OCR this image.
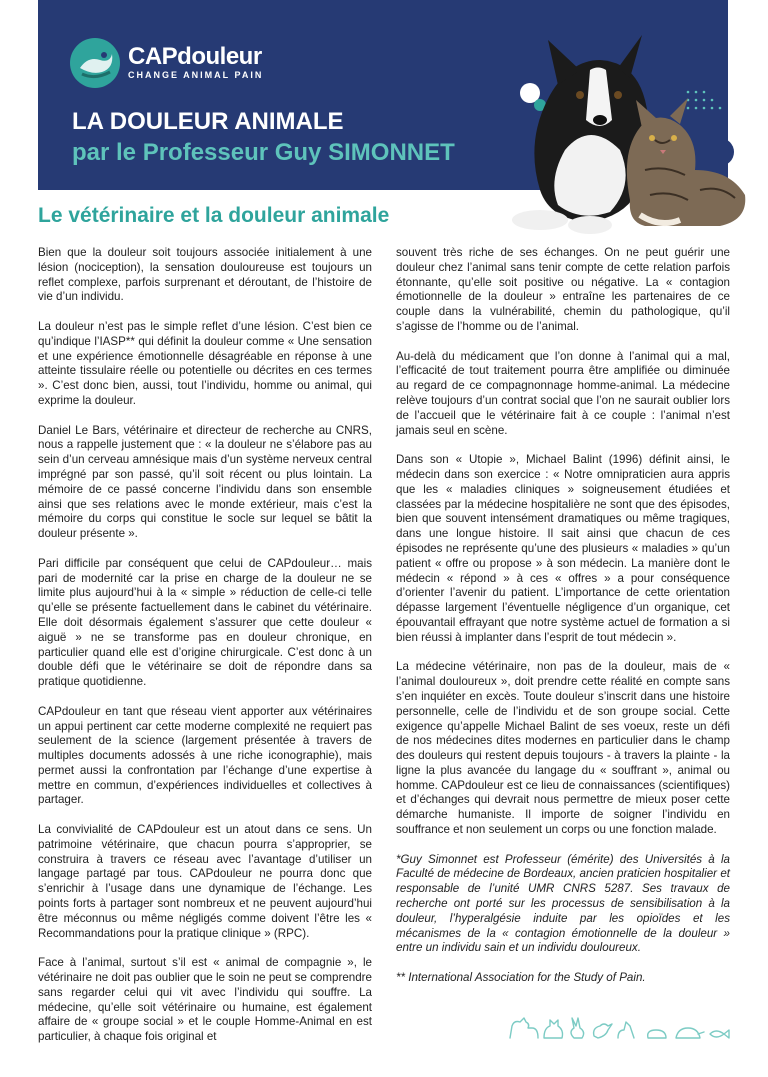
CAPdouleur
CHANGE ANIMAL PAIN
LA DOULEUR ANIMALE
par le Professeur Guy SIMONNET
Le vétérinaire et la douleur animale

Bien que la douleur soit toujours associée initialement à une lésion (nociception), la sensation douloureuse est toujours un reflet complexe, parfois surprenant et déroutant, de l’histoire de vie d’un individu.

La douleur n’est pas le simple reflet d’une lésion. C’est bien ce qu’indique l’IASP** qui définit la douleur comme « Une sensation et une expérience émotionnelle désagréable en réponse à une atteinte tissulaire réelle ou potentielle ou décrites en ces termes ». C’est donc bien, aussi, tout l’individu, homme ou animal, qui exprime la douleur.

Daniel Le Bars, vétérinaire et directeur de recherche au CNRS, nous a rappelle justement que : « la douleur ne s’élabore pas au sein d’un cerveau amnésique mais d’un système nerveux central imprégné par son passé, qu’il soit récent ou plus lointain. La mémoire de ce passé concerne l’individu dans son ensemble ainsi que ses relations avec le monde extérieur, mais c’est la mémoire du corps qui constitue le socle sur lequel se bâtit la douleur présente ».

Pari difficile par conséquent que celui de CAPdouleur… mais pari de modernité car la prise en charge de la douleur ne se limite plus aujourd’hui à la « simple » réduction de celle-ci telle qu’elle se présente factuellement dans le cabinet du vétérinaire. Elle doit désormais également s’assurer que cette douleur « aiguë » ne se transforme pas en douleur chronique, en particulier quand elle est d’origine chirurgicale. C’est donc à un double défi que le vétérinaire se doit de répondre dans sa pratique quotidienne.

CAPdouleur en tant que réseau vient apporter aux vétérinaires un appui pertinent car cette moderne complexité ne requiert pas seulement de la science (largement présentée à travers de multiples documents adossés à une riche iconographie), mais permet aussi la confrontation par l’échange d’une expertise à mettre en commun, d’expériences individuelles et collectives à partager.

La convivialité de CAPdouleur est un atout dans ce sens. Un patrimoine vétérinaire, que chacun pourra s’approprier, se construira à travers ce réseau avec l’avantage d’utiliser un langage partagé par tous. CAPdouleur ne pourra donc que s’enrichir à l’usage dans une dynamique de l’échange. Les points forts à partager sont nombreux et ne peuvent aujourd’hui être méconnus ou même négligés comme doivent l’être les « Recommandations pour la pratique clinique » (RPC).

Face à l’animal, surtout s’il est « animal de compagnie », le vétérinaire ne doit pas oublier que le soin ne peut se comprendre sans regarder celui qui vit avec l’individu qui souffre. La médecine, qu’elle soit vétérinaire ou humaine, est également affaire de « groupe social » et le couple Homme-Animal en est particulier, à chaque fois original et

souvent très riche de ses échanges. On ne peut guérir une douleur chez l’animal sans tenir compte de cette relation parfois étonnante, qu’elle soit positive ou négative. La « contagion émotionnelle de la douleur » entraîne les partenaires de ce couple dans la vulnérabilité, chemin du pathologique, qu’il s’agisse de l’homme ou de l’animal.

Au-delà du médicament que l’on donne à l’animal qui a mal, l’efficacité de tout traitement pourra être amplifiée ou diminuée au regard de ce compagnonnage homme-animal. La médecine relève toujours d’un contrat social que l’on ne saurait oublier lors de l’accueil que le vétérinaire fait à ce couple : l’animal n’est jamais seul en scène.

Dans son « Utopie », Michael Balint (1996) définit ainsi, le médecin dans son exercice : « Notre omnipraticien aura appris que les « maladies cliniques » soigneusement étudiées et classées par la médecine hospitalière ne sont que des épisodes, bien que souvent intensément dramatiques ou même tragiques, dans une longue histoire. Il sait ainsi que chacun de ces épisodes ne représente qu’une des plusieurs « maladies » qu’un patient « offre ou propose » à son médecin. La manière dont le médecin « répond » à ces « offres » a pour conséquence d’orienter l’avenir du patient. L’importance de cette orientation dépasse largement l’éventuelle négligence d’un organique, cet épouvantail effrayant que notre système actuel de formation a si bien réussi à implanter dans l’esprit de tout médecin ».

La médecine vétérinaire, non pas de la douleur, mais de « l’animal douloureux », doit prendre cette réalité en compte sans s’en inquiéter en excès. Toute douleur s’inscrit dans une histoire personnelle, celle de l’individu et de son groupe social. Cette exigence qu’appelle Michael Balint de ses voeux, reste un défi de nos médecines dites modernes en particulier dans le champ des douleurs qui restent depuis toujours - à travers la plainte - la ligne la plus avancée du langage du « souffrant », animal ou homme. CAPdouleur est ce lieu de connaissances (scientifiques) et d’échanges qui devrait nous permettre de mieux poser cette démarche humaniste. Il importe de soigner l’individu en souffrance et non seulement un corps ou une fonction malade.

*Guy Simonnet est Professeur (émérite) des Universités à la Faculté de médecine de Bordeaux, ancien praticien hospitalier et responsable de l’unité UMR CNRS 5287. Ses travaux de recherche ont porté sur les processus de sensibilisation à la douleur, l’hyperalgésie induite par les opioïdes et les mécanismes de la « contagion émotionnelle de la douleur » entre un individu sain et un individu douloureux.

** International Association for the Study of Pain.
